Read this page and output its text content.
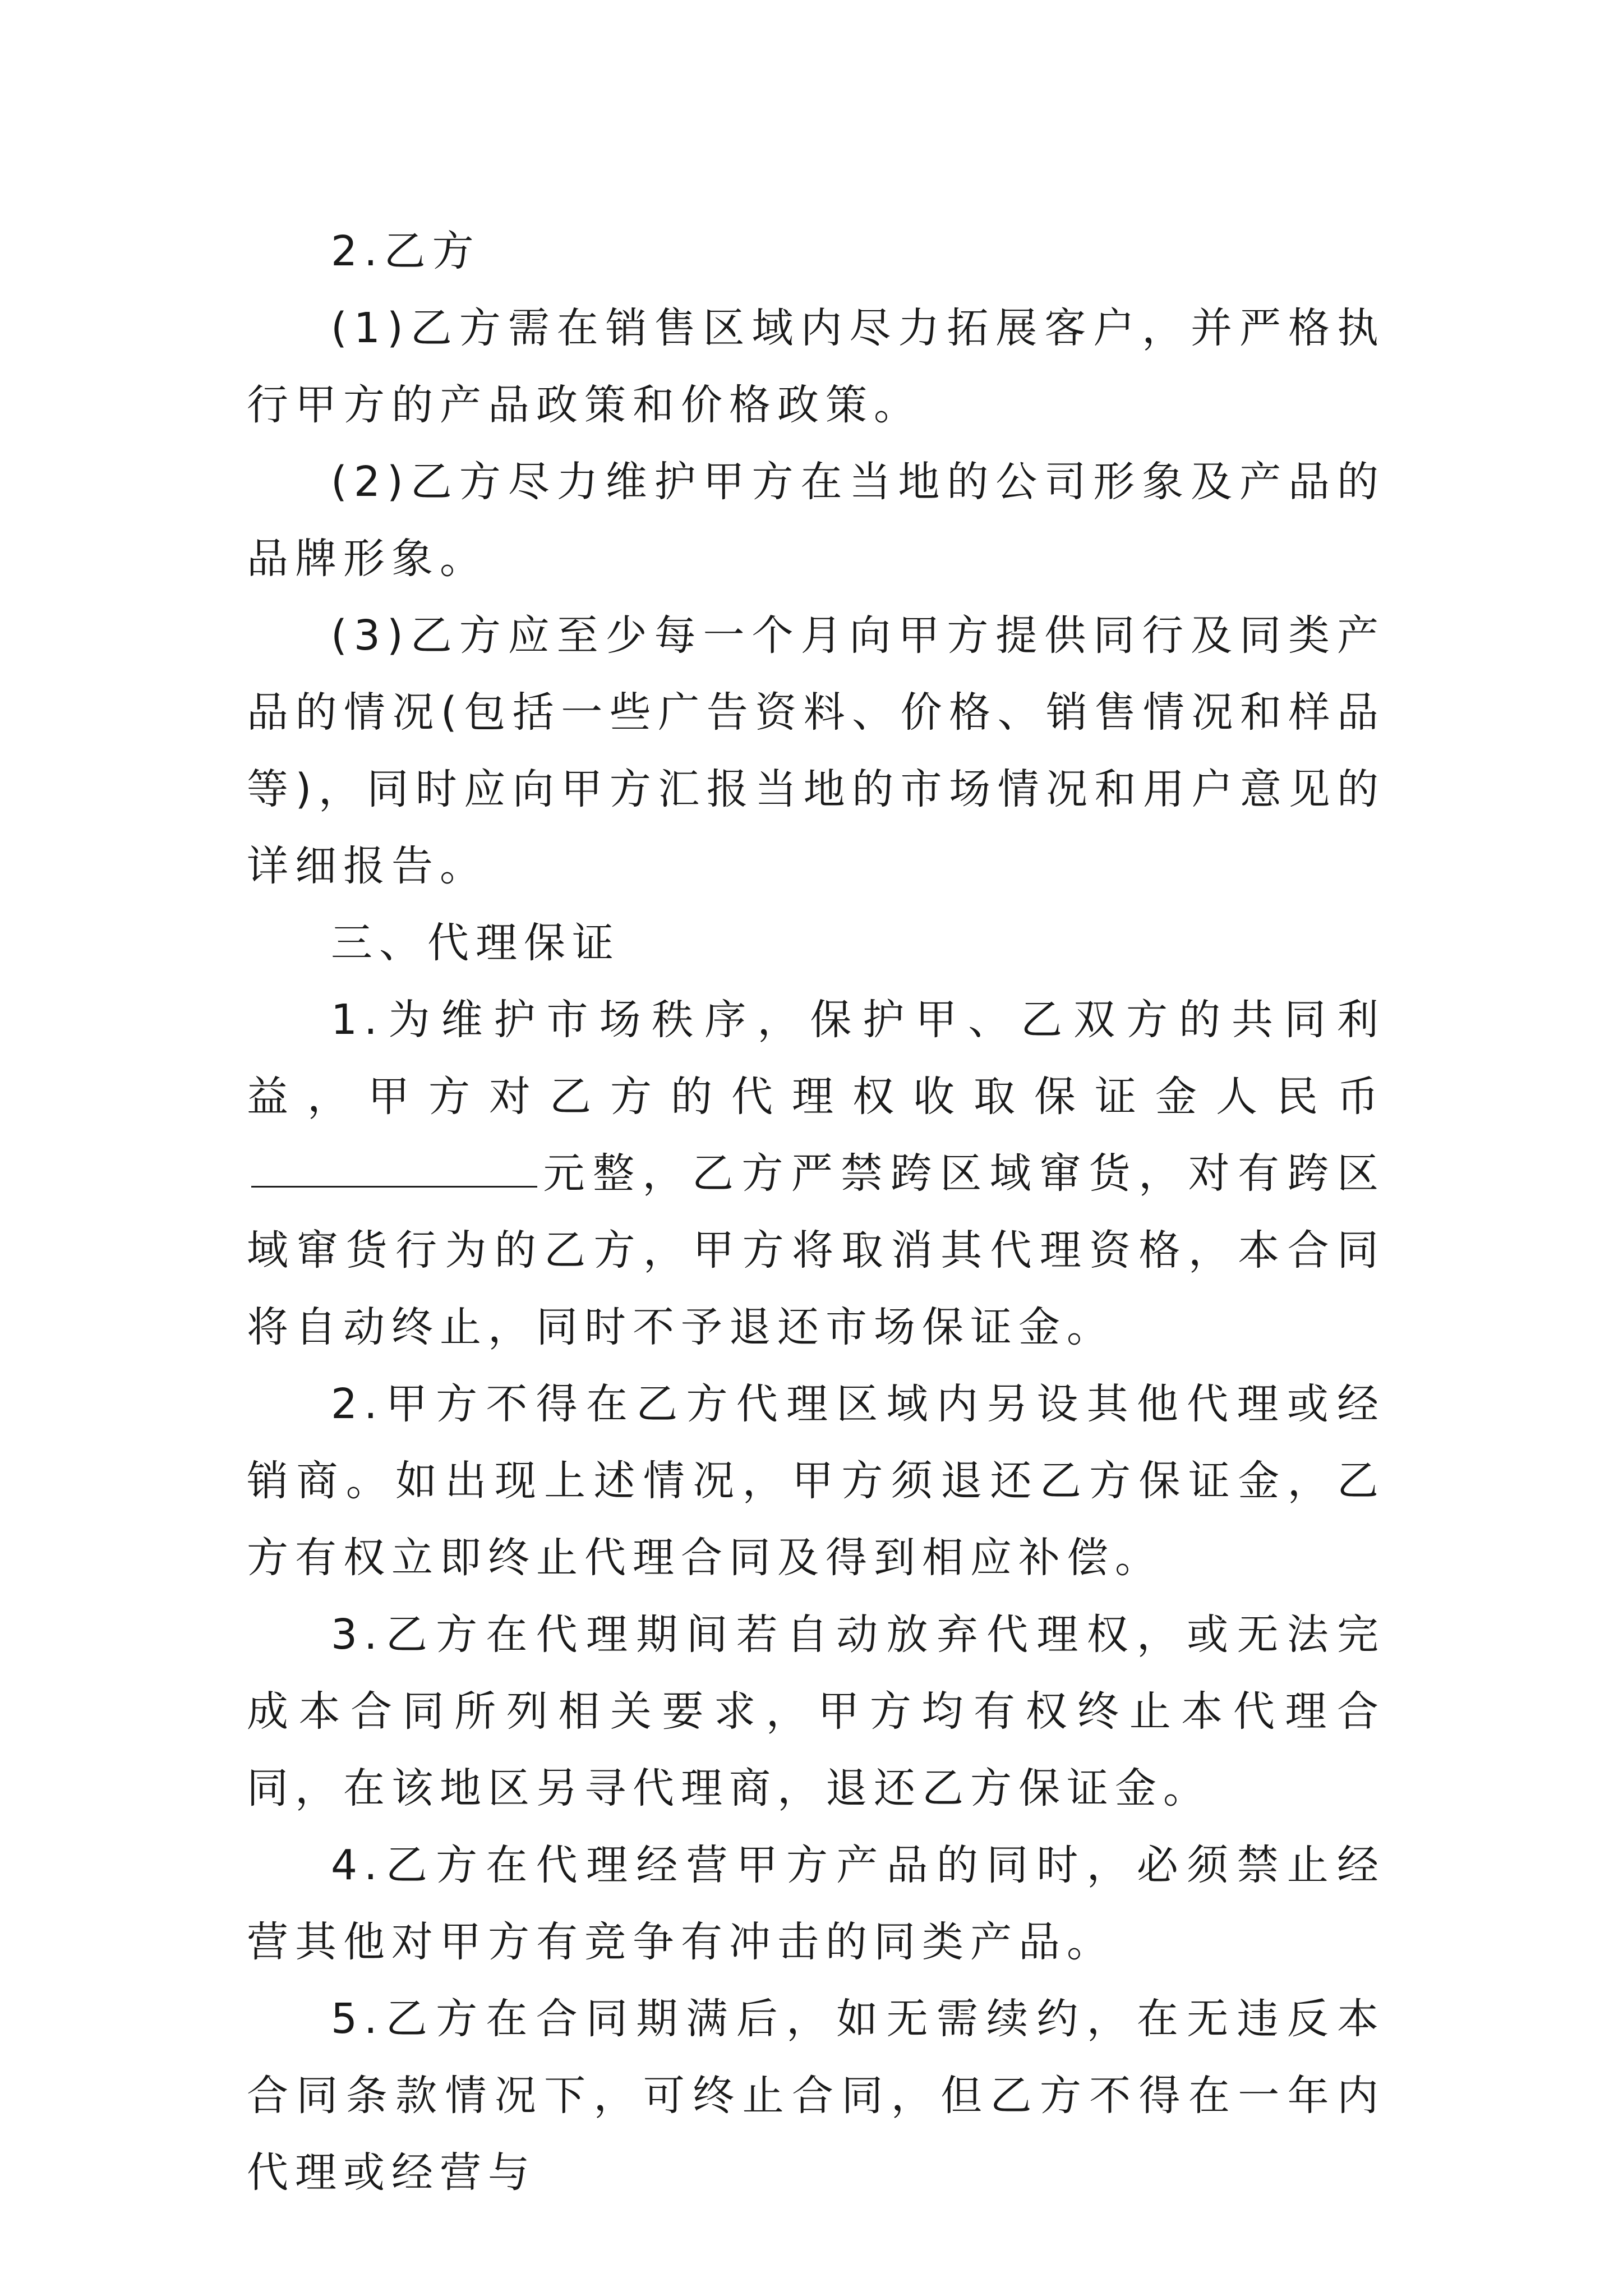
2.乙方

(1)乙方需在销售区域内尽力拓展客户，并严格执行甲方的产品政策和价格政策。

(2)乙方尽力维护甲方在当地的公司形象及产品的品牌形象。

(3)乙方应至少每一个月向甲方提供同行及同类产品的情况(包括一些广告资料、价格、销售情况和样品等)，同时应向甲方汇报当地的市场情况和用户意见的详细报告。

三、代理保证

1.为维护市场秩序，保护甲、乙双方的共同利益，甲方对乙方的代理权收取保证金人民币元整，乙方严禁跨区域窜货，对有跨区域窜货行为的乙方，甲方将取消其代理资格，本合同将自动终止，同时不予退还市场保证金。

2.甲方不得在乙方代理区域内另设其他代理或经销商。如出现上述情况，甲方须退还乙方保证金，乙方有权立即终止代理合同及得到相应补偿。

3.乙方在代理期间若自动放弃代理权，或无法完成本合同所列相关要求，甲方均有权终止本代理合同，在该地区另寻代理商，退还乙方保证金。

4.乙方在代理经营甲方产品的同时，必须禁止经营其他对甲方有竞争有冲击的同类产品。

5.乙方在合同期满后，如无需续约，在无违反本合同条款情况下，可终止合同，但乙方不得在一年内代理或经营与
